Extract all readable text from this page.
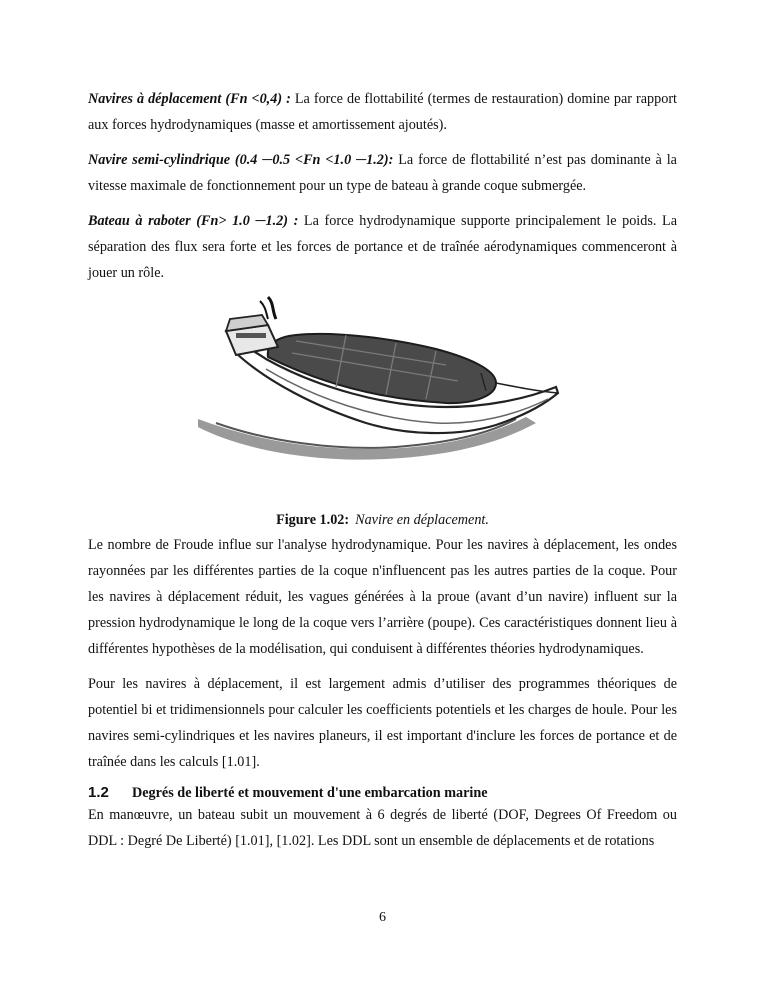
Navires à déplacement (Fn <0,4) : La force de flottabilité (termes de restauration) domine par rapport aux forces hydrodynamiques (masse et amortissement ajoutés).

Navire semi-cylindrique (0.4 ─0.5 <Fn <1.0 ─1.2): La force de flottabilité n’est pas dominante à la vitesse maximale de fonctionnement pour un type de bateau à grande coque submergée.

Bateau à raboter (Fn> 1.0 ─1.2) : La force hydrodynamique supporte principalement le poids. La séparation des flux sera forte et les forces de portance et de traînée aérodynamiques commenceront à jouer un rôle.

Figure 1.02: Navire en déplacement.

Le nombre de Froude influe sur l'analyse hydrodynamique. Pour les navires à déplacement, les ondes rayonnées par les différentes parties de la coque n'influencent pas les autres parties de la coque. Pour les navires à déplacement réduit, les vagues générées à la proue (avant d’un navire) influent sur la pression hydrodynamique le long de la coque vers l’arrière (poupe). Ces caractéristiques donnent lieu à différentes hypothèses de la modélisation, qui conduisent à différentes théories hydrodynamiques.

Pour les navires à déplacement, il est largement admis d’utiliser des programmes théoriques de potentiel bi et tridimensionnels pour calculer les coefficients potentiels et les charges de houle. Pour les navires semi-cylindriques et les navires planeurs, il est important d'inclure les forces de portance et de traînée dans les calculs [1.01].

1.2	Degrés de liberté et mouvement d'une embarcation marine

En manœuvre, un bateau subit un mouvement à 6 degrés de liberté (DOF, Degrees Of Freedom ou DDL : Degré De Liberté) [1.01], [1.02]. Les DDL sont un ensemble de déplacements et de rotations

6
